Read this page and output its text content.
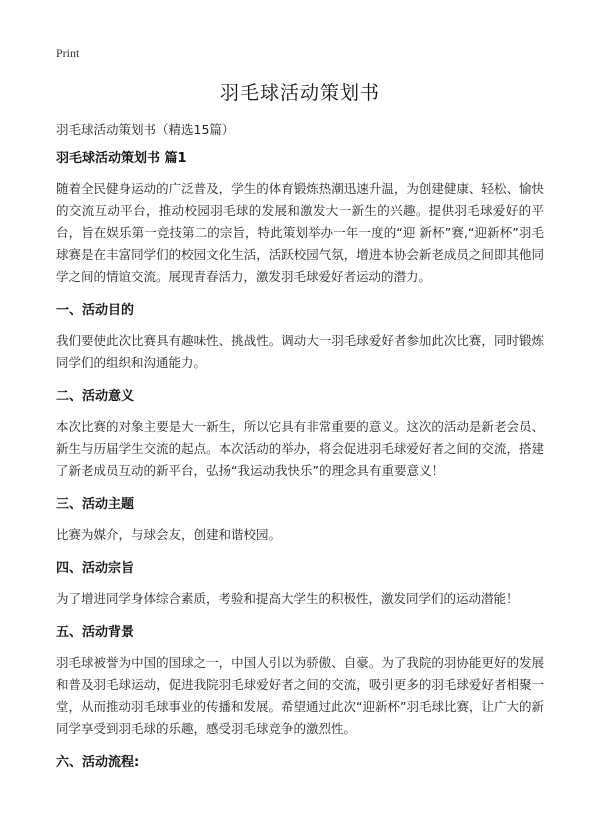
Print
羽毛球活动策划书

羽毛球活动策划书（精选15篇）

羽毛球活动策划书 篇1

随着全民健身运动的广泛普及，学生的体育锻炼热潮迅速升温，为创建健康、轻松、愉快的交流互动平台，推动校园羽毛球的发展和激发大一新生的兴趣。提供羽毛球爱好的平台，旨在娱乐第一竞技第二的宗旨，特此策划举办一年一度的“迎 新杯”赛,“迎新杯”羽毛球赛是在丰富同学们的校园文化生活，活跃校园气氛，增进本协会新老成员之间即其他同学之间的情谊交流。展现青春活力，激发羽毛球爱好者运动的潜力。

一、活动目的

我们要使此次比赛具有趣味性、挑战性。调动大一羽毛球爱好者参加此次比赛，同时锻炼同学们的组织和沟通能力。

二、活动意义

本次比赛的对象主要是大一新生，所以它具有非常重要的意义。这次的活动是新老会员、新生与历届学生交流的起点。本次活动的举办，将会促进羽毛球爱好者之间的交流，搭建了新老成员互动的新平台，弘扬“我运动我快乐”的理念具有重要意义！

三、活动主题

比赛为媒介，与球会友，创建和谐校园。

四、活动宗旨

为了增进同学身体综合素质，考验和提高大学生的积极性，激发同学们的运动潜能！

五、活动背景

羽毛球被誉为中国的国球之一，中国人引以为骄傲、自豪。为了我院的羽协能更好的发展和普及羽毛球运动，促进我院羽毛球爱好者之间的交流，吸引更多的羽毛球爱好者相聚一堂，从而推动羽毛球事业的传播和发展。希望通过此次“迎新杯”羽毛球比赛，让广大的新同学享受到羽毛球的乐趣，感受羽毛球竞争的激烈性。

六、活动流程:
